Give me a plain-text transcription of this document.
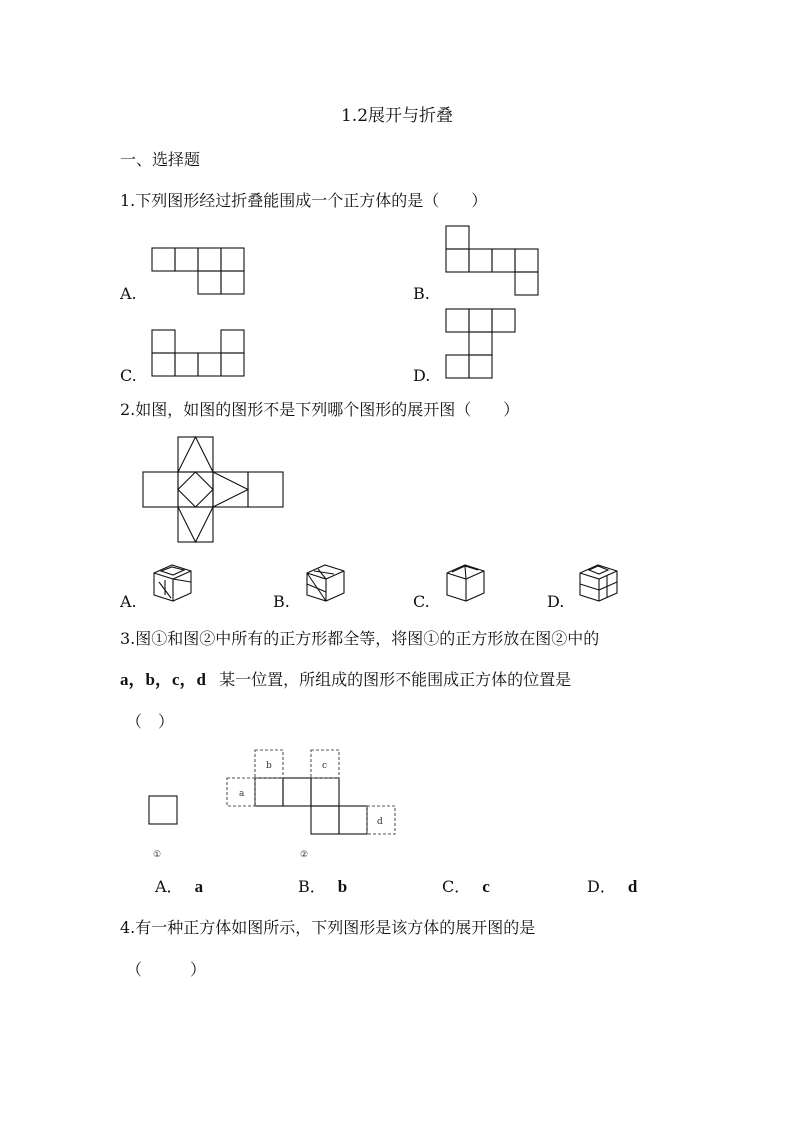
1.2展开与折叠
一、选择题
1.下列图形经过折叠能围成一个正方体的是（　　）
A.	B.
C.	D.
2.如图，如图的图形不是下列哪个图形的展开图（　　）
A.	B.	C.	D.
3.图①和图②中所有的正方形都全等，将图①的正方形放在图②中的
a，b，c，d 某一位置，所组成的图形不能围成正方体的位置是
（　）
①
a
b	c
d
②
A． a	B． b	C． c	D． d
4.有一种正方体如图所示，下列图形是该方体的展开图的是
（　　　）
